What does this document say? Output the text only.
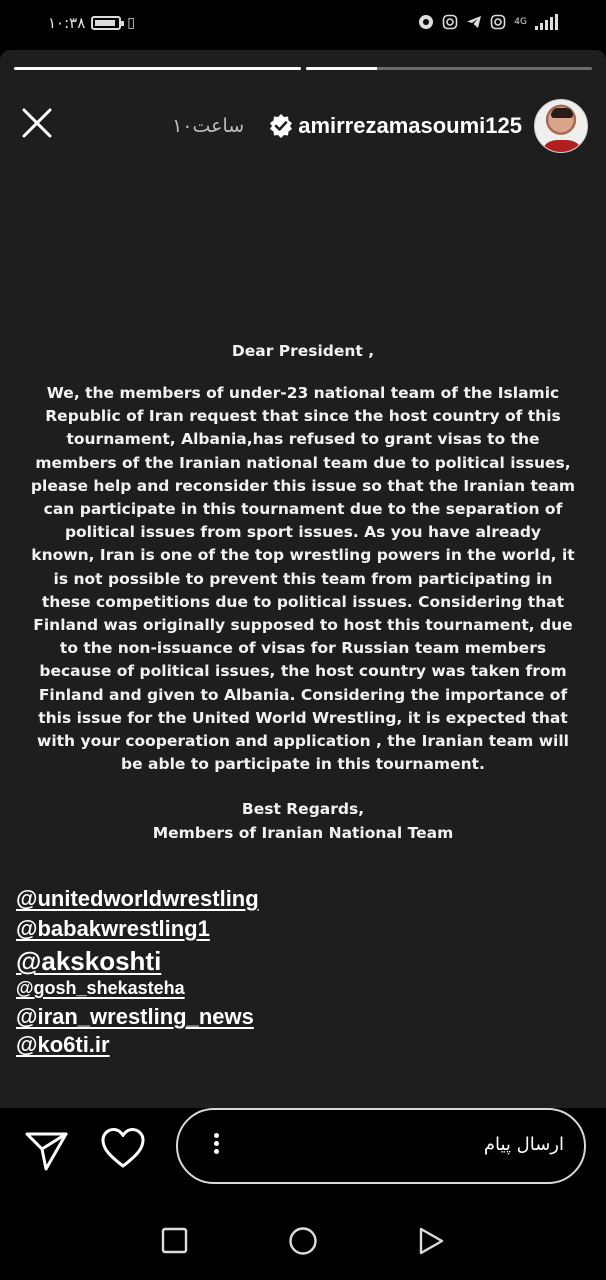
۱۰:۳۸	▯	4G
۱۰ساعت amirrezamasoumi125
Dear President ,
We, the members of under-23 national team of the Islamic
Republic of Iran request that since the host country of this
tournament, Albania,has refused to grant visas to the
members of the Iranian national team due to political issues,
please help and reconsider this issue so that the Iranian team
can participate in this tournament due to the separation of
political issues from sport issues. As you have already
known, Iran is one of the top wrestling powers in the world, it
is not possible to prevent this team from participating in
these competitions due to political issues. Considering that
Finland was originally supposed to host this tournament, due
to the non-issuance of visas for Russian team members
because of political issues, the host country was taken from
Finland and given to Albania. Considering the importance of
this issue for the United World Wrestling, it is expected that
with your cooperation and application , the Iranian team will
be able to participate in this tournament.
Best Regards,
Members of Iranian National Team
@unitedworldwrestling
@babakwrestling1
@akskoshti
@gosh_shekasteha
@iran_wrestling_news
@ko6ti.ir
ارسال پیام
